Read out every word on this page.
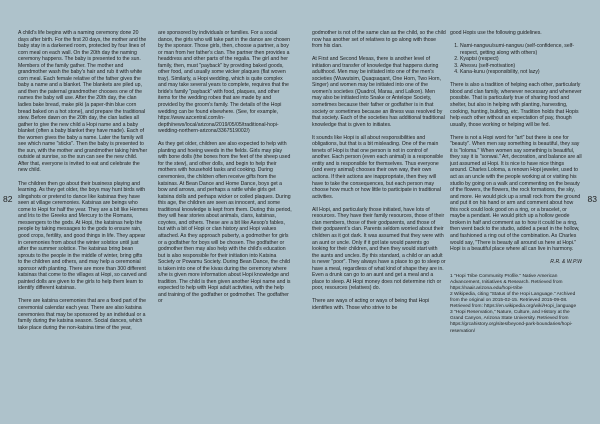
82	83

A child's life begins with a naming ceremony done 20 days after birth. For the first 20 days, the mother and the baby stay in a darkened room, protected by four lines of corn meal on each wall. On the 20th day the naming ceremony happens. The baby is presented to the sun. Members of the family gather. The mother and grandmother wash the baby's hair and rub it with white corn meal. Each female relative of the father gives the baby a name and a blanket. The blankets are piled up, and then the paternal grandmother chooses one of the names the baby will use. After the 20th day, the clan ladies bake bread, make piki (a paper-thin blue corn bread baked on a hot stone), and prepare the traditional stew. Before dawn on the 20th day, the clan ladies all gather to give the new child a Hopi name and a baby blanket (often a baby blanket they have made). Each of the women gives the baby a name. Later the family will see which name "sticks". Then the baby is presented to the sun, with the mother and grandmother taking him/her outside at sunrise, so the sun can see the new child. After that, everyone is invited to eat and celebrate the new child.

The children then go about their business playing and learning. As they get older, the boys may hunt birds with slingshots or pretend to dance like katsinas they have seen at village ceremonies. Katsinas are beings who come to Hopi for half the year. They are a bit like Hermes and Iris to the Greeks and Mercury to the Romans, messengers to the gods. At Hopi, the katsinas help the people by taking messages to the gods to ensure rain, good crops, fertility, and good things in life. They appear in ceremonies from about the winter solstice until just after the summer solstice. The katsinas bring bean sprouts to the people in the middle of winter, bring gifts to the children and others, and may help a ceremonial sponsor with planting. There are more than 300 different katsinas that come to the villages at Hopi, so carved and painted dolls are given to the girls to help them learn to identify different katsinas.

There are katsina ceremonies that are a fixed part of the ceremonial calendar each year. There are also katsina ceremonies that may be sponsored by an individual or a family during the katsina season. Social dances, which take place during the non-katsina time of the year,

are sponsored by individuals or families. For a social dance, the girls who will take part in the dance are chosen by the sponsor. Those girls, then, choose a partner, a boy or man from her father's clan. The partner then provides a headdress and other parts of the regalia. The girl and her family, then, must "payback" by providing baked goods, other food, and usually some wicker plaques (flat woven tray). Similarly, a Hopi wedding, which is quite complex and may take several years to complete, requires that the bride's family "payback" with food, plaques, and other items for the wedding robes that are made by and provided by the groom's family. The details of the Hopi wedding can be found elsewhere. (See, for example, https://www.azcentral.com/in-depth/news/local/arizona/2019/05/05/traditional-hopi-wedding-northern-arizona/3367519002/)

As they get older, children are also expected to help with planting and hoeing weeds in the fields. Girls may play with bone dolls (the bones from the feet of the sheep used for the stew), and other dolls, and begin to help their mothers with household tasks and cooking. During ceremonies, the children often receive gifts from the katsinas. At Bean Dance and Home Dance, boys get a bow and arrows, and perhaps a rattle while girls get katsina dolls and perhaps wicker or coiled plaques. During this age, the children are seen as innocent, and some traditional knowledge is kept from them. During this period, they will hear stories about animals, clans, katsinas, coyotes, and others. These are a bit like Aesop's fables, but with a bit of Hopi or clan history and Hopi values attached. As they approach puberty, a godmother for girls or a godfather for boys will be chosen. The godfather or godmother then may also help with the child's education but is also responsible for their initiation into Katsina Society or Powamu Society. During Bean Dance, the child is taken into one of the kivas during the ceremony where s/he is given more information about Hopi knowledge and tradition. The child is then given another Hopi name and is expected to help with Hopi adult activities, with the help and training of the godfather or godmother. The godfather or

godmother is not of the same clan as the child, so the child now has another set of relatives to go along with those from his clan.

At First and Second Mesas, there is another level of initiation and transfer of knowledge that happens during adulthood. Men may be initiated into one of the men's societies (Wuwutsim, Quaqsaqant, One Horn, Two Horn, Singer) and women may be initiated into one of the women's societies (Quadrol, Marau, and Lalkon). Men may also be initiated into Snake or Antelope Society, sometimes because their father or godfather is in that society or sometimes because an illness was resolved by that society. Each of the societies has additional traditional knowledge that is given to initiates.

It sounds like Hopi is all about responsibilities and obligations, but that is a bit misleading. One of the main tenets of Hopi is that one person is not in control of another. Each person (even each animal) is a responsible entity and is responsible for themselves. Thus everyone (and every animal) chooses their own way, their own actions. If their actions are inappropriate, then they will have to take the consequences, but each person may choose how much or how little to participate in traditional activities.

All Hopi, and particularly those initiated, have lots of resources. They have their family resources, those of their clan members, those of their godparents, and those of their godparent's clan. Parents seldom worried about their children as it got dark. It was assumed that they were with an aunt or uncle. Only if it got late would parents go looking for their children, and then they would start with the aunts and uncles. By this standard, a child or an adult is never "poor". They always have a place to go to sleep or have a meal, regardless of what kind of shape they are in. Even a drunk can go to an aunt and get a meal and a place to sleep. At Hopi money does not determine rich or poor, resources (relatives) do.

There are ways of acting or ways of being that Hopi identifies with. Those who strive to be

good Hopis use the following guidelines.

1. Nami-nangwu/sumi-nangwu (self-confidence, self-respect, getting along with others)
2. Kyaptsi (respect)
3. Ahesvu (self-motivation)
4. Kana-kunu (responsibility, not lazy)

There is also a tradition of helping each other, particularly blood and clan family, whenever necessary and whenever possible. That is particularly true of sharing food and shelter, but also in helping with planting, harvesting, cooking, hunting, building, etc. Tradition holds that Hopis help each other without an expectation of pay, though usually, those working or helping will be fed.

There is not a Hopi word for "art" but there is one for "beauty". When men say something is beautiful, they say it is "lolomа." When women say something is beautiful, they say it is "sonwai." Art, decoration, and balance are all just assumed at Hopi. It is nice to have nice things around. Charles Loloma, a renown Hopi jeweler, used to act as an uncle with the people working at or visiting his studio by going on a walk and commenting on the beauty of the flowers, the flowers, the rock formations, the sky, and more. He would pick up a small rock from the ground and put it on his hand or arm and comment about how this rock could look good on a ring, or a bracelet, or maybe a pendant. He would pitch up a hollow geode broken in half and comment as to how it could be a ring, then went back to the studio, added a pearl in the hollow, and fashioned a ring out of the combination. As Charles would say, "There is beauty all around us here at Hopi." Hopi is a beautiful place where all can live in harmony.

R.R. & W.P.W

1 "Hopi Tribe Community Profile." Native American Advancement, Initiatives & Research. Retrieved from https://naair.arizona.edu/hopi-tribe

2 Wikipedia, citing "Status of the Hopi Language." Archived from the original on 2015-02-15. Retrieved 2015-09-08. Retrieved from: https://en.wikipedia.org/wiki/Hopi_language

3 "Hopi Reservation," Nature, Culture, and History at the Grand Canyon, Arizona State University. Retrieved from https://grcahistory.org/sites/beyond-park-boundaries/hopi-reservation/
